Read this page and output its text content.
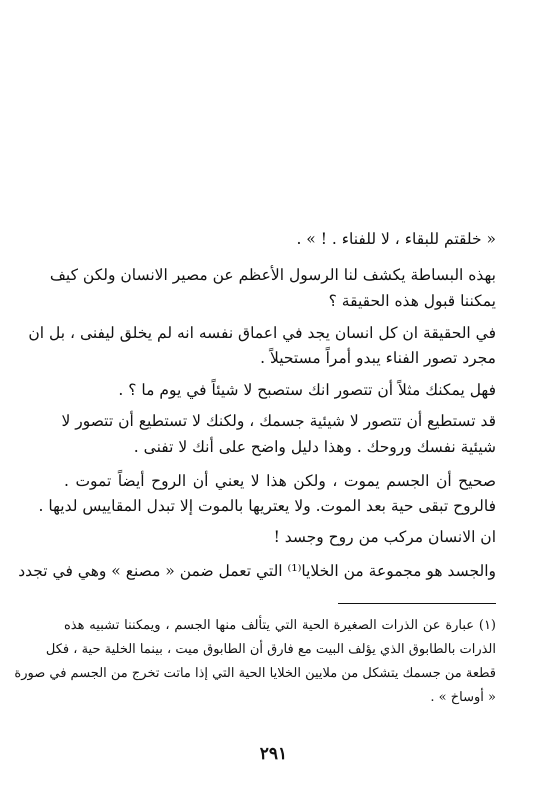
« خلقتم للبقاء ، لا للفناء . ! » .
بهذه البساطة يكشف لنا الرسول الأعظم عن مصير الانسان ولكن كيف
يمكننا قبول هذه الحقيقة ؟
في الحقيقة ان كل انسان يجد في اعماق نفسه انه لم يخلق ليفنى ، بل ان
مجرد تصور الفناء يبدو أمراً مستحيلاً .
فهل يمكنك مثلاً أن تتصور انك ستصبح لا شيئاً في يوم ما ؟ .
قد تستطيع أن تتصور لا شيئية جسمك ، ولكنك لا تستطيع أن تتصور لا
شيئية نفسك وروحك . وهذا دليل واضح على أنك لا تفنى .
صحيح أن الجسم يموت ، ولكن هذا لا يعني أن الروح أيضاً تموت .
فالروح تبقى حية بعد الموت. ولا يعتريها بالموت إلا تبدل المقاييس لديها .
ان الانسان مركب من روح وجسد !
والجسد هو مجموعة من الخلايا⁽¹⁾ التي تعمل ضمن « مصنع » وهي في تجدد
(١) عبارة عن الذرات الصغيرة الحية التي يتألف منها الجسم ، ويمكننا تشبيه هذه
الذرات بالطابوق الذي يؤلف البيت مع فارق أن الطابوق ميت ، بينما الخلية حية ، فكل
قطعة من جسمك يتشكل من ملايين الخلايا الحية التي إذا ماتت تخرج من الجسم في صورة
« أوساخ » .
٢٩١
